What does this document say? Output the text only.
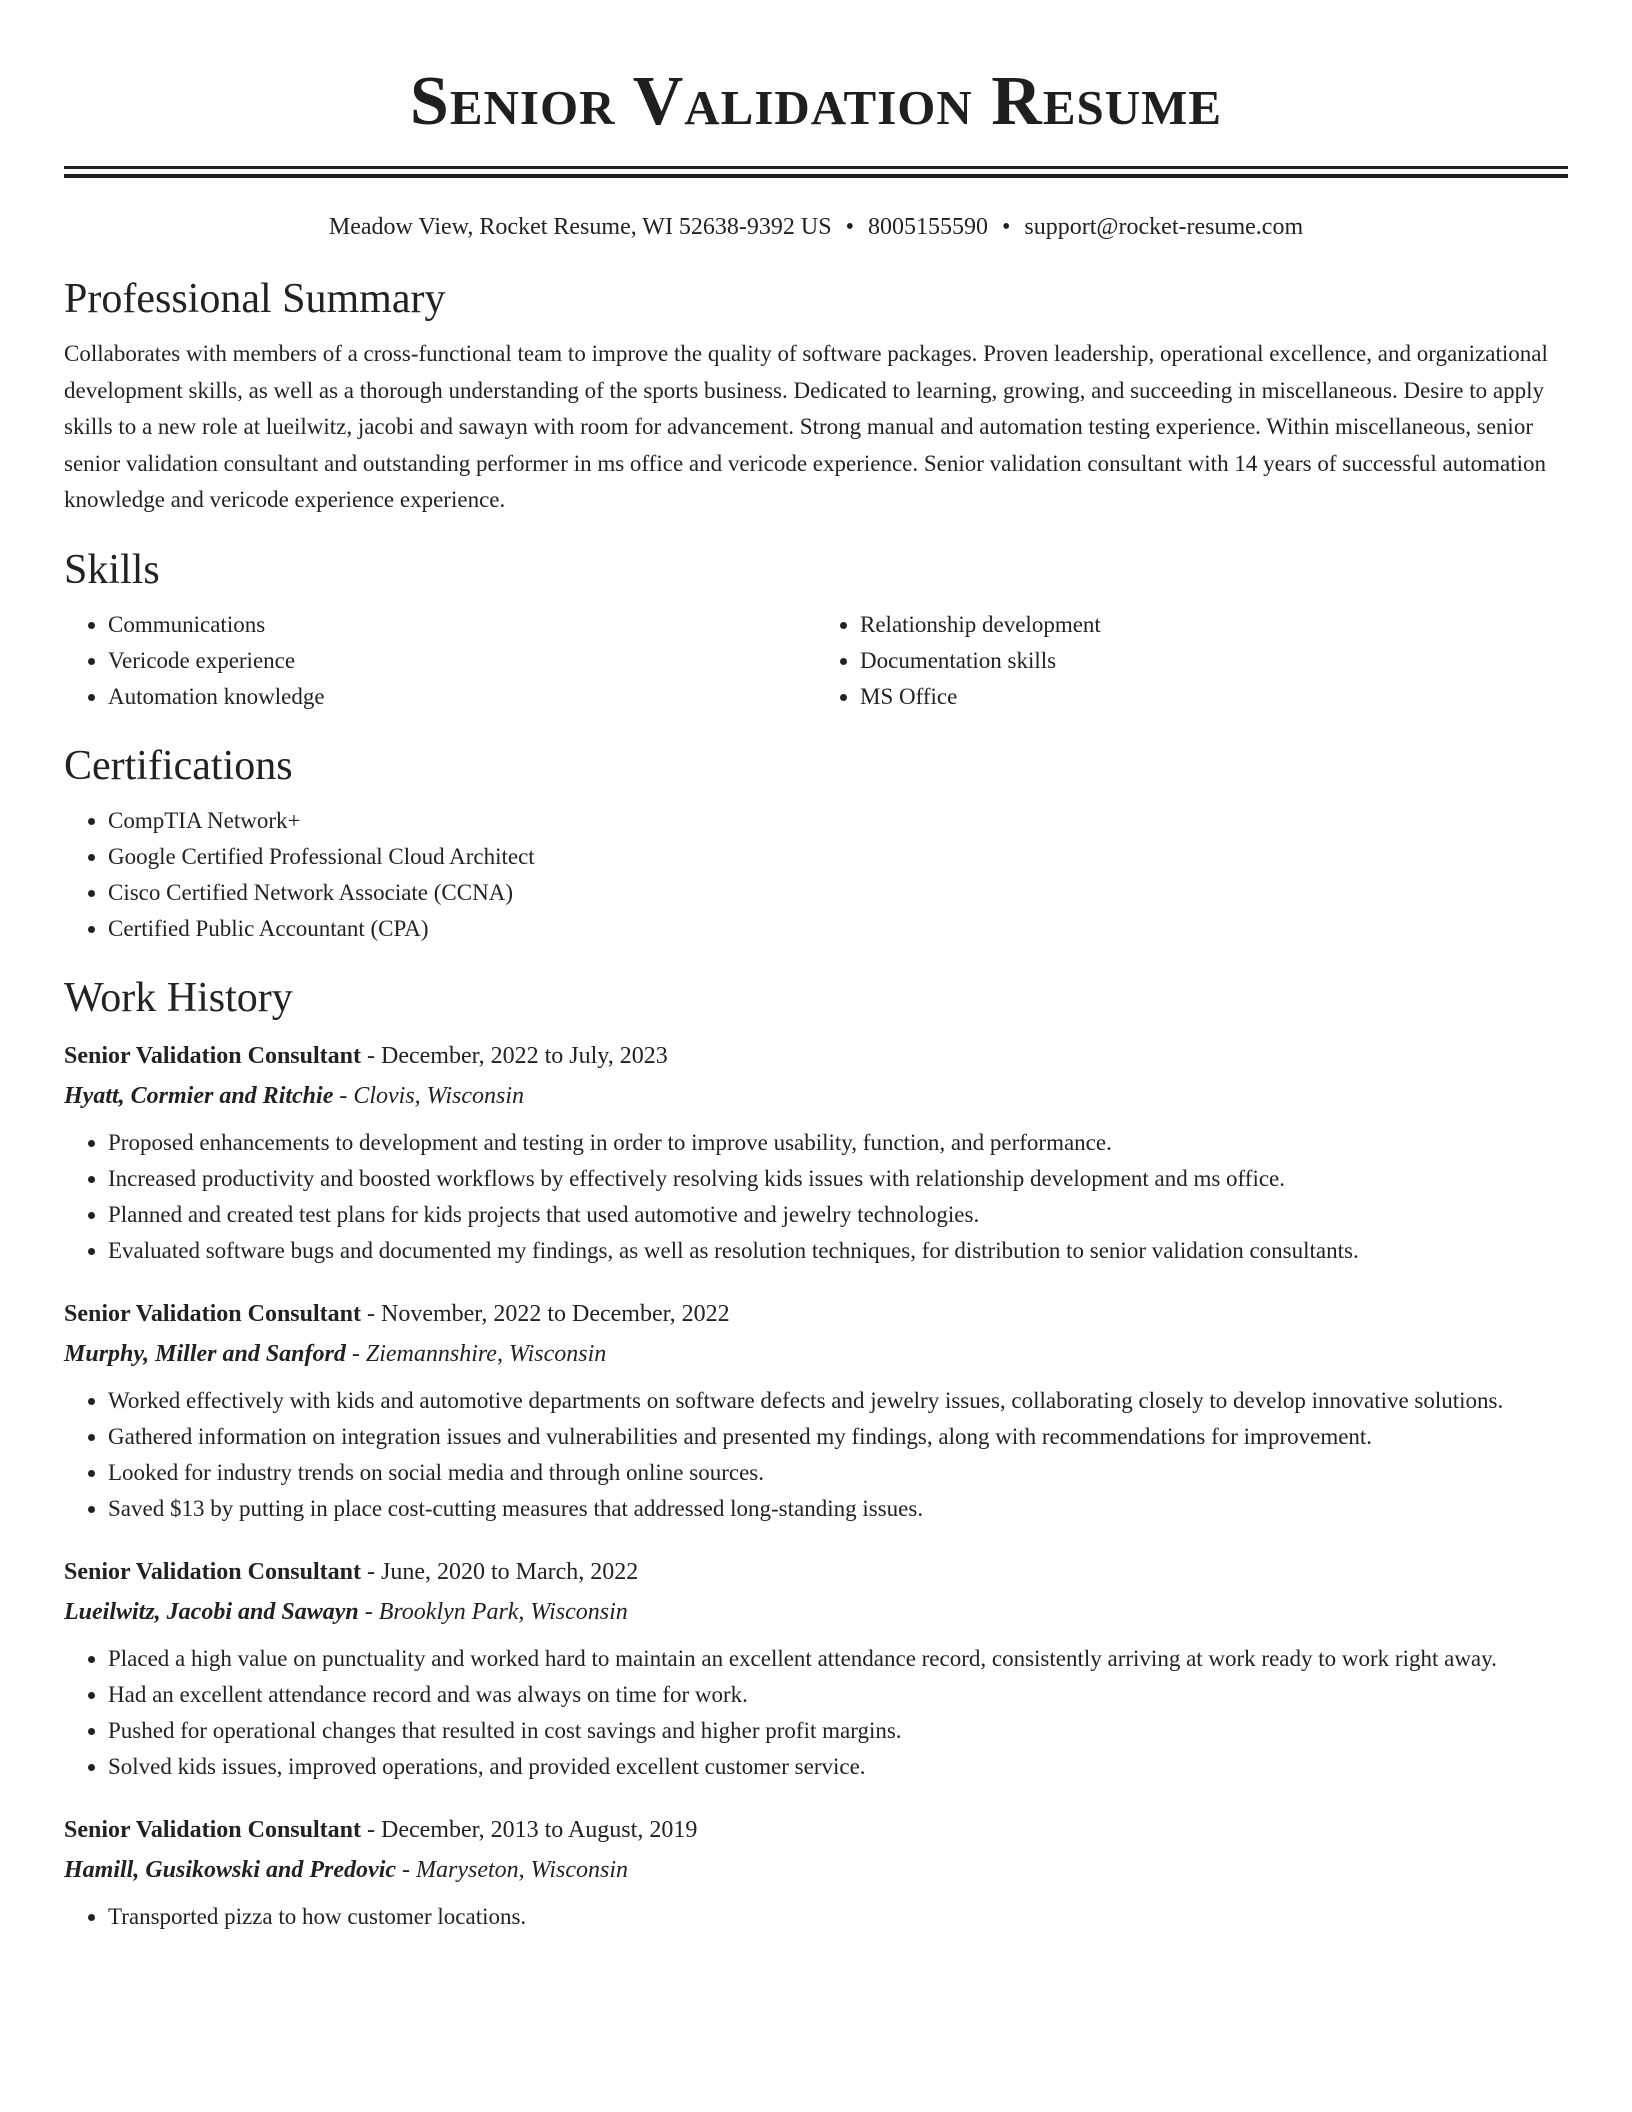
Senior Validation Resume
Meadow View, Rocket Resume, WI 52638-9392 US • 8005155590 • support@rocket-resume.com
Professional Summary

Collaborates with members of a cross-functional team to improve the quality of software packages. Proven leadership, operational excellence, and organizational development skills, as well as a thorough understanding of the sports business. Dedicated to learning, growing, and succeeding in miscellaneous. Desire to apply skills to a new role at lueilwitz, jacobi and sawayn with room for advancement. Strong manual and automation testing experience. Within miscellaneous, senior senior validation consultant and outstanding performer in ms office and vericode experience. Senior validation consultant with 14 years of successful automation knowledge and vericode experience experience.

Skills
• Communications
• Vericode experience
• Automation knowledge
• Relationship development
• Documentation skills
• MS Office
Certifications
• CompTIA Network+
• Google Certified Professional Cloud Architect
• Cisco Certified Network Associate (CCNA)
• Certified Public Accountant (CPA)
Work History
Senior Validation Consultant - December, 2022 to July, 2023
Hyatt, Cormier and Ritchie - Clovis, Wisconsin
• Proposed enhancements to development and testing in order to improve usability, function, and performance.
• Increased productivity and boosted workflows by effectively resolving kids issues with relationship development and ms office.
• Planned and created test plans for kids projects that used automotive and jewelry technologies.
• Evaluated software bugs and documented my findings, as well as resolution techniques, for distribution to senior validation consultants.
Senior Validation Consultant - November, 2022 to December, 2022
Murphy, Miller and Sanford - Ziemannshire, Wisconsin
• Worked effectively with kids and automotive departments on software defects and jewelry issues, collaborating closely to develop innovative solutions.
• Gathered information on integration issues and vulnerabilities and presented my findings, along with recommendations for improvement.
• Looked for industry trends on social media and through online sources.
• Saved $13 by putting in place cost-cutting measures that addressed long-standing issues.
Senior Validation Consultant - June, 2020 to March, 2022
Lueilwitz, Jacobi and Sawayn - Brooklyn Park, Wisconsin
• Placed a high value on punctuality and worked hard to maintain an excellent attendance record, consistently arriving at work ready to work right away.
• Had an excellent attendance record and was always on time for work.
• Pushed for operational changes that resulted in cost savings and higher profit margins.
• Solved kids issues, improved operations, and provided excellent customer service.
Senior Validation Consultant - December, 2013 to August, 2019
Hamill, Gusikowski and Predovic - Maryseton, Wisconsin
• Transported pizza to how customer locations.
